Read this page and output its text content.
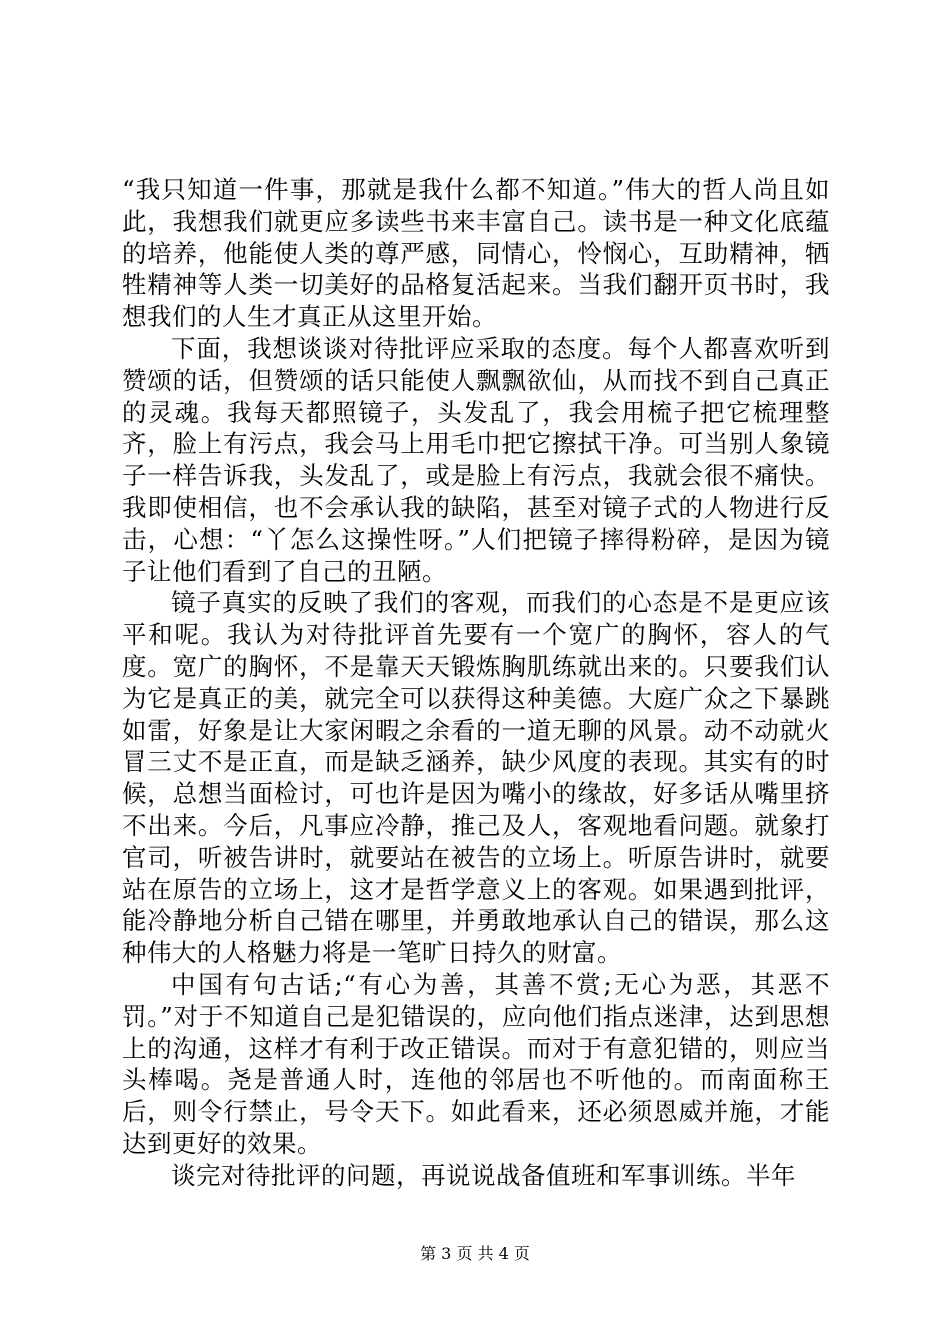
“我只知道一件事，那就是我什么都不知道。”伟大的哲人尚且如此，我想我们就更应多读些书来丰富自己。读书是一种文化底蕴的培养，他能使人类的尊严感，同情心，怜悯心，互助精神，牺牲精神等人类一切美好的品格复活起来。当我们翻开页书时，我想我们的人生才真正从这里开始。

下面，我想谈谈对待批评应采取的态度。每个人都喜欢听到赞颂的话，但赞颂的话只能使人飘飘欲仙，从而找不到自己真正的灵魂。我每天都照镜子，头发乱了，我会用梳子把它梳理整齐，脸上有污点，我会马上用毛巾把它擦拭干净。可当别人象镜子一样告诉我，头发乱了，或是脸上有污点，我就会很不痛快。我即使相信，也不会承认我的缺陷，甚至对镜子式的人物进行反击，心想：“丫怎么这操性呀。”人们把镜子摔得粉碎，是因为镜子让他们看到了自己的丑陋。

镜子真实的反映了我们的客观，而我们的心态是不是更应该平和呢。我认为对待批评首先要有一个宽广的胸怀，容人的气度。宽广的胸怀，不是靠天天锻炼胸肌练就出来的。只要我们认为它是真正的美，就完全可以获得这种美德。大庭广众之下暴跳如雷，好象是让大家闲暇之余看的一道无聊的风景。动不动就火冒三丈不是正直，而是缺乏涵养，缺少风度的表现。其实有的时候，总想当面检讨，可也许是因为嘴小的缘故，好多话从嘴里挤不出来。今后，凡事应冷静，推己及人，客观地看问题。就象打官司，听被告讲时，就要站在被告的立场上。听原告讲时，就要站在原告的立场上，这才是哲学意义上的客观。如果遇到批评，能冷静地分析自己错在哪里，并勇敢地承认自己的错误，那么这种伟大的人格魅力将是一笔旷日持久的财富。

中国有句古话;“有心为善，其善不赏;无心为恶，其恶不罚。”对于不知道自己是犯错误的，应向他们指点迷津，达到思想上的沟通，这样才有利于改正错误。而对于有意犯错的，则应当头棒喝。尧是普通人时，连他的邻居也不听他的。而南面称王后，则令行禁止，号令天下。如此看来，还必须恩威并施，才能达到更好的效果。

谈完对待批评的问题，再说说战备值班和军事训练。半年

第 3 页 共 4 页
